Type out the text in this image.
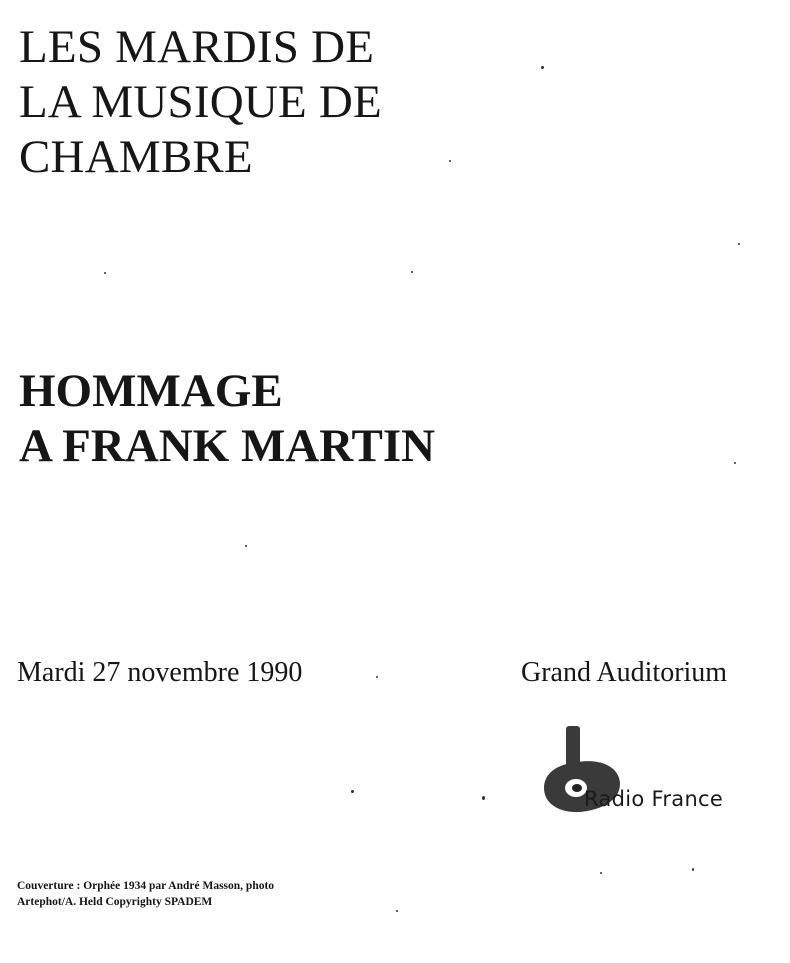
LES MARDIS DE
LA MUSIQUE DE
CHAMBRE
HOMMAGE
A FRANK MARTIN
Mardi 27 novembre 1990	Grand Auditorium
Radio France
Couverture : Orphée 1934 par André Masson, photo
Artephot/A. Held Copyrighty SPADEM
